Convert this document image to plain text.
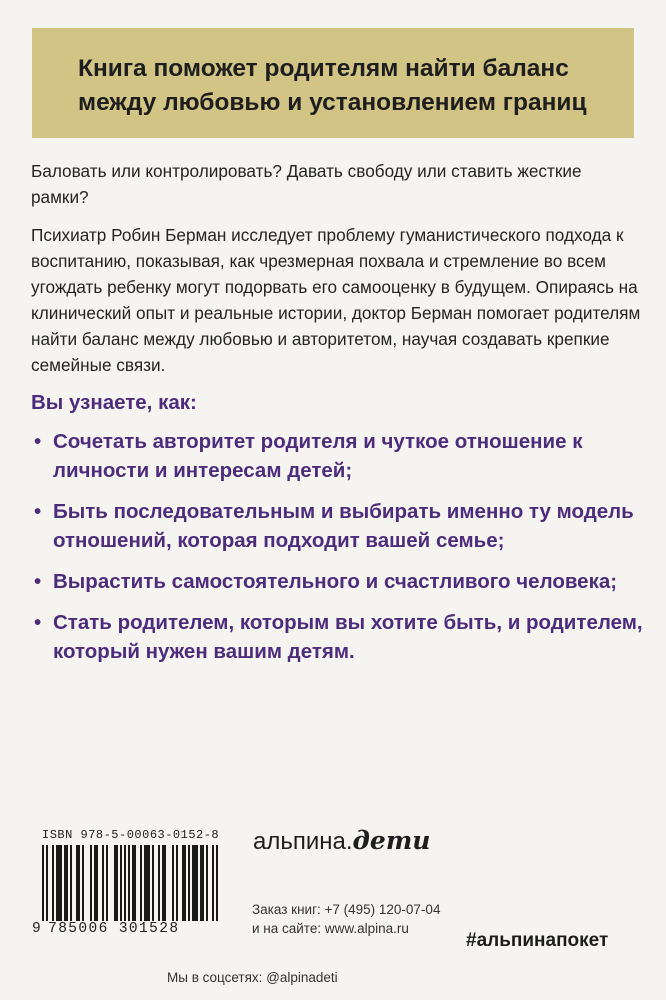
Книга поможет родителям найти баланс
между любовью и установлением границ

Баловать или контролировать? Давать свободу или ставить жесткие рамки?

Психиатр Робин Берман исследует проблему гуманистического подхода к воспитанию, показывая, как чрезмерная похвала и стремление во всем угождать ребенку могут подорвать его самооценку в будущем. Опираясь на клинический опыт и реальные истории, доктор Берман помогает родителям найти баланс между любовью и авторитетом, научая создавать крепкие семейные связи.

Вы узнаете, как:

• Сочетать авторитет родителя и чуткое отношение к личности и интересам детей;
• Быть последовательным и выбирать именно ту модель отношений, которая подходит вашей семье;
• Вырастить самостоятельного и счастливого человека;
• Стать родителем, которым вы хотите быть, и родителем, который нужен вашим детям.
ISBN 978-5-00063-0152-8
9 785006 301528
альпина.дети
Заказ книг: +7 (495) 120-07-04
и на сайте: www.alpina.ru
#альпинапокет
Мы в соцсетях: @alpinadeti
